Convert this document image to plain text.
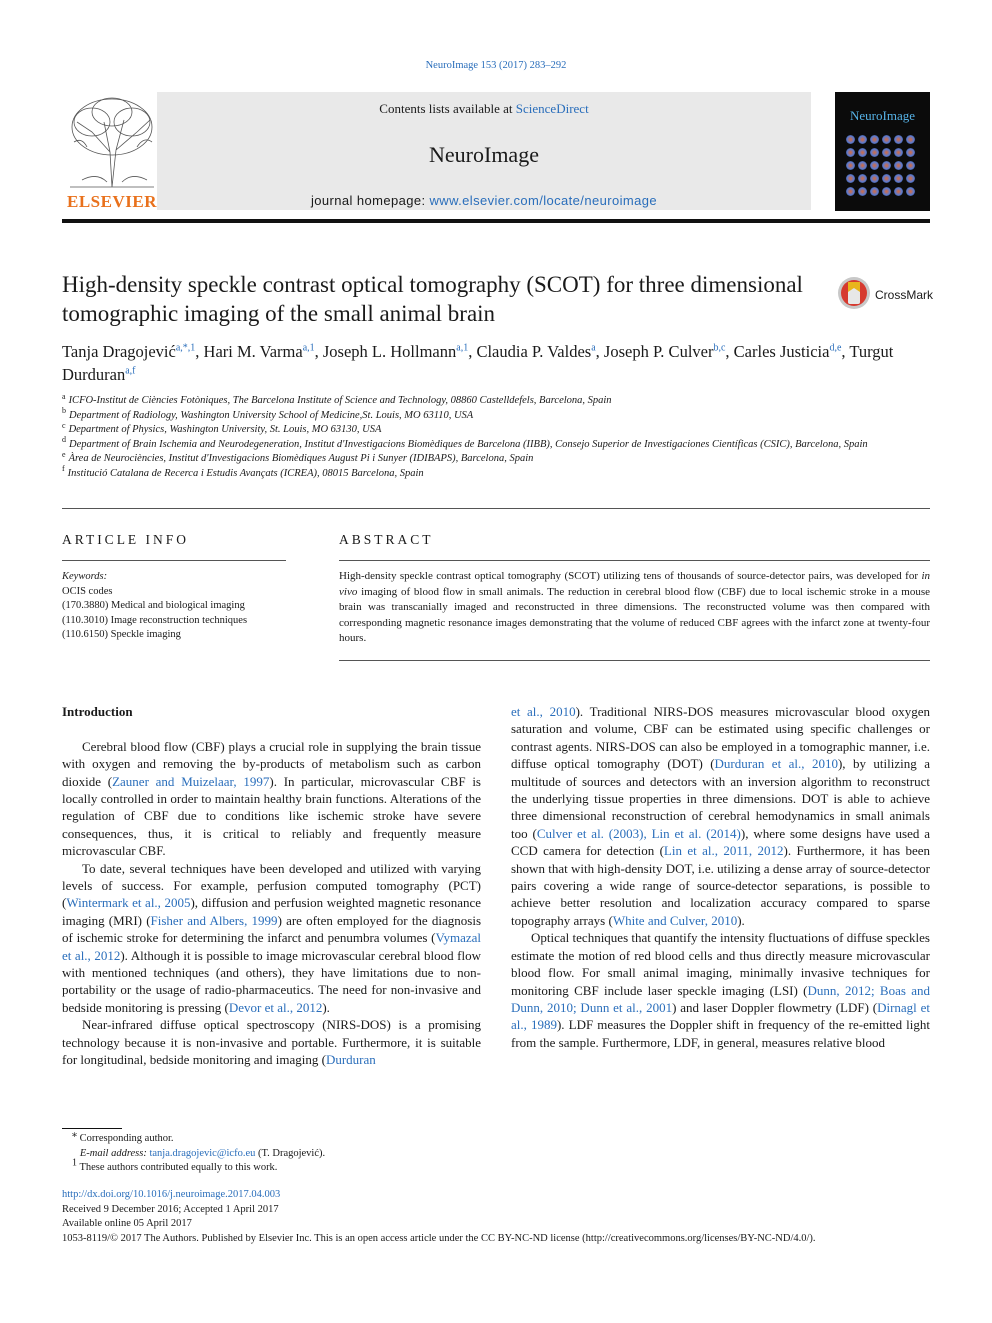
NeuroImage 153 (2017) 283–292
ELSEVIER
Contents lists available at ScienceDirect
NeuroImage
journal homepage: www.elsevier.com/locate/neuroimage
NeuroImage
High-density speckle contrast optical tomography (SCOT) for three dimensional tomographic imaging of the small animal brain
CrossMark
Tanja Dragojević$^{a,*,1}$, Hari M. Varma$^{a,1}$, Joseph L. Hollmann$^{a,1}$, Claudia P. Valdes$^a$, Joseph P. Culver$^{b,c}$, Carles Justicia$^{d,e}$, Turgut Durduran$^{a,f}$
$^a$ ICFO-Institut de Ciències Fotòniques, The Barcelona Institute of Science and Technology, 08860 Castelldefels, Barcelona, Spain
$^b$ Department of Radiology, Washington University School of Medicine,St. Louis, MO 63110, USA
$^c$ Department of Physics, Washington University, St. Louis, MO 63130, USA
$^d$ Department of Brain Ischemia and Neurodegeneration, Institut d'Investigacions Biomèdiques de Barcelona (IIBB), Consejo Superior de Investigaciones Científicas (CSIC), Barcelona, Spain
$^e$ Àrea de Neurociències, Institut d'Investigacions Biomèdiques August Pi i Sunyer (IDIBAPS), Barcelona, Spain
$^f$ Institució Catalana de Recerca i Estudis Avançats (ICREA), 08015 Barcelona, Spain
ARTICLE INFO	ABSTRACT
Keywords:
OCIS codes
(170.3880) Medical and biological imaging
(110.3010) Image reconstruction techniques
(110.6150) Speckle imaging
High-density speckle contrast optical tomography (SCOT) utilizing tens of thousands of source-detector pairs, was developed for in vivo imaging of blood flow in small animals. The reduction in cerebral blood flow (CBF) due to local ischemic stroke in a mouse brain was transcanially imaged and reconstructed in three dimensions. The reconstructed volume was then compared with corresponding magnetic resonance images demonstrating that the volume of reduced CBF agrees with the infarct zone at twenty-four hours.
Introduction

Cerebral blood flow (CBF) plays a crucial role in supplying the brain tissue with oxygen and removing the by-products of metabolism such as carbon dioxide (Zauner and Muizelaar, 1997). In particular, microvascular CBF is locally controlled in order to maintain healthy brain functions. Alterations of the regulation of CBF due to conditions like ischemic stroke have severe consequences, thus, it is critical to reliably and frequently measure microvascular CBF.

To date, several techniques have been developed and utilized with varying levels of success. For example, perfusion computed tomography (PCT) (Wintermark et al., 2005), diffusion and perfusion weighted magnetic resonance imaging (MRI) (Fisher and Albers, 1999) are often employed for the diagnosis of ischemic stroke for determining the infarct and penumbra volumes (Vymazal et al., 2012). Although it is possible to image microvascular cerebral blood flow with mentioned techniques (and others), they have limitations due to non-portability or the usage of radio-pharmaceutics. The need for non-invasive and bedside monitoring is pressing (Devor et al., 2012).

Near-infrared diffuse optical spectroscopy (NIRS-DOS) is a promising technology because it is non-invasive and portable. Furthermore, it is suitable for longitudinal, bedside monitoring and imaging (Durduran

et al., 2010). Traditional NIRS-DOS measures microvascular blood oxygen saturation and volume, CBF can be estimated using specific challenges or contrast agents. NIRS-DOS can also be employed in a tomographic manner, i.e. diffuse optical tomography (DOT) (Durduran et al., 2010), by utilizing a multitude of sources and detectors with an inversion algorithm to reconstruct the underlying tissue properties in three dimensions. DOT is able to achieve three dimensional reconstruction of cerebral hemodynamics in small animals too (Culver et al. (2003), Lin et al. (2014)), where some designs have used a CCD camera for detection (Lin et al., 2011, 2012). Furthermore, it has been shown that with high-density DOT, i.e. utilizing a dense array of source-detector pairs covering a wide range of source-detector separations, is possible to achieve better resolution and localization accuracy compared to sparse topography arrays (White and Culver, 2010).

Optical techniques that quantify the intensity fluctuations of diffuse speckles estimate the motion of red blood cells and thus directly measure microvascular blood flow. For small animal imaging, minimally invasive techniques for monitoring CBF include laser speckle imaging (LSI) (Dunn, 2012; Boas and Dunn, 2010; Dunn et al., 2001) and laser Doppler flowmetry (LDF) (Dirnagl et al., 1989). LDF measures the Doppler shift in frequency of the re-emitted light from the sample. Furthermore, LDF, in general, measures relative blood

⁎ Corresponding author.
E-mail address: tanja.dragojevic@icfo.eu (T. Dragojević).
$^1$ These authors contributed equally to this work.
http://dx.doi.org/10.1016/j.neuroimage.2017.04.003
Received 9 December 2016; Accepted 1 April 2017
Available online 05 April 2017
1053-8119/© 2017 The Authors. Published by Elsevier Inc. This is an open access article under the CC BY-NC-ND license (http://creativecommons.org/licenses/BY-NC-ND/4.0/).
